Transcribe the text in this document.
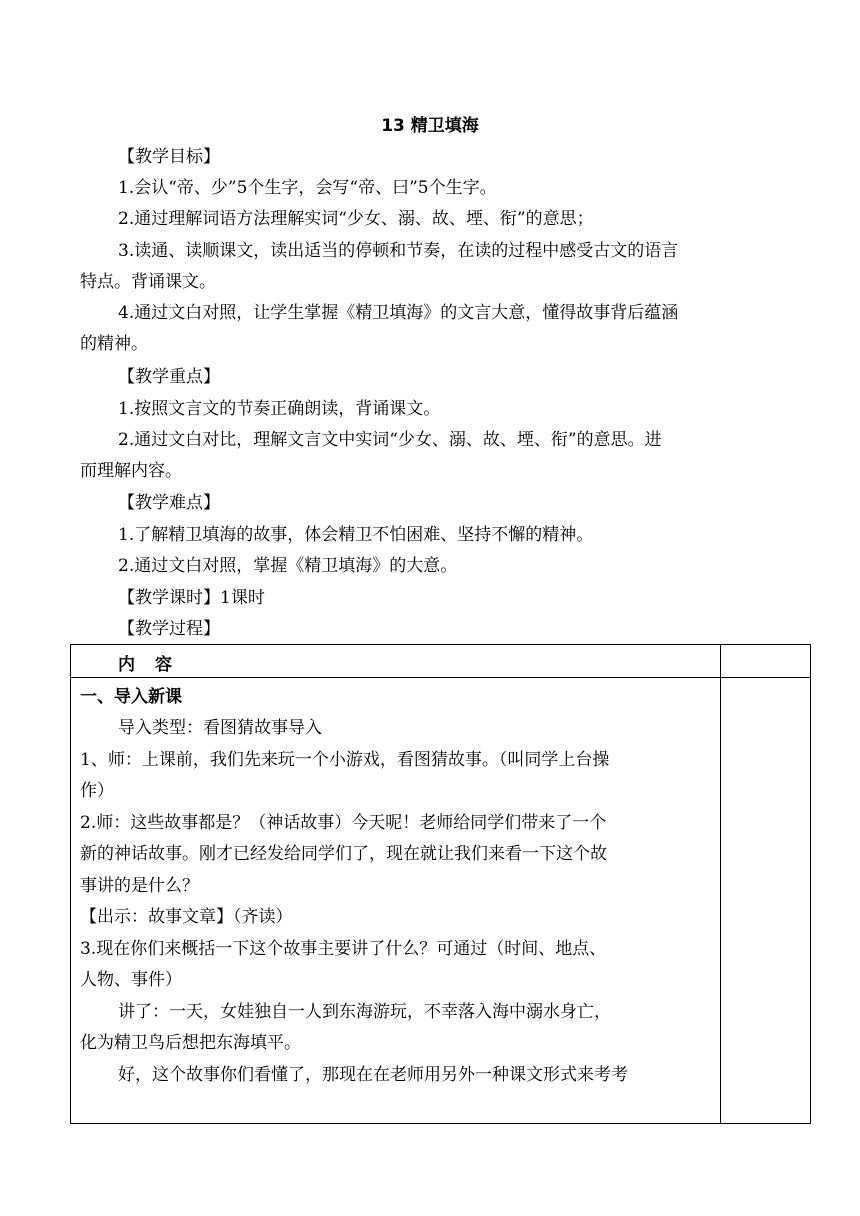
13 精卫填海
【教学目标】
1.会认“帝、少”5个生字，会写“帝、曰”5个生字。
2.通过理解词语方法理解实词“少女、溺、故、堙、衔”的意思；
3.读通、读顺课文，读出适当的停顿和节奏，在读的过程中感受古文的语言
特点。背诵课文。
4.通过文白对照，让学生掌握《精卫填海》的文言大意，懂得故事背后蕴涵
的精神。
【教学重点】
1.按照文言文的节奏正确朗读，背诵课文。
2.通过文白对比，理解文言文中实词“少女、溺、故、堙、衔”的意思。进
而理解内容。
【教学难点】
1.了解精卫填海的故事，体会精卫不怕困难、坚持不懈的精神。
2.通过文白对照，掌握《精卫填海》的大意。
【教学课时】1课时
【教学过程】

内 容
一、导入新课
导入类型：看图猜故事导入
1、师：上课前，我们先来玩一个小游戏，看图猜故事。（叫同学上台操
作）
2.师：这些故事都是？（神话故事）今天呢！老师给同学们带来了一个
新的神话故事。刚才已经发给同学们了，现在就让我们来看一下这个故
事讲的是什么？
【出示：故事文章】（齐读）
3.现在你们来概括一下这个故事主要讲了什么？可通过（时间、地点、
人物、事件）
讲了：一天，女娃独自一人到东海游玩，不幸落入海中溺水身亡，
化为精卫鸟后想把东海填平。
好，这个故事你们看懂了，那现在在老师用另外一种课文形式来考考
